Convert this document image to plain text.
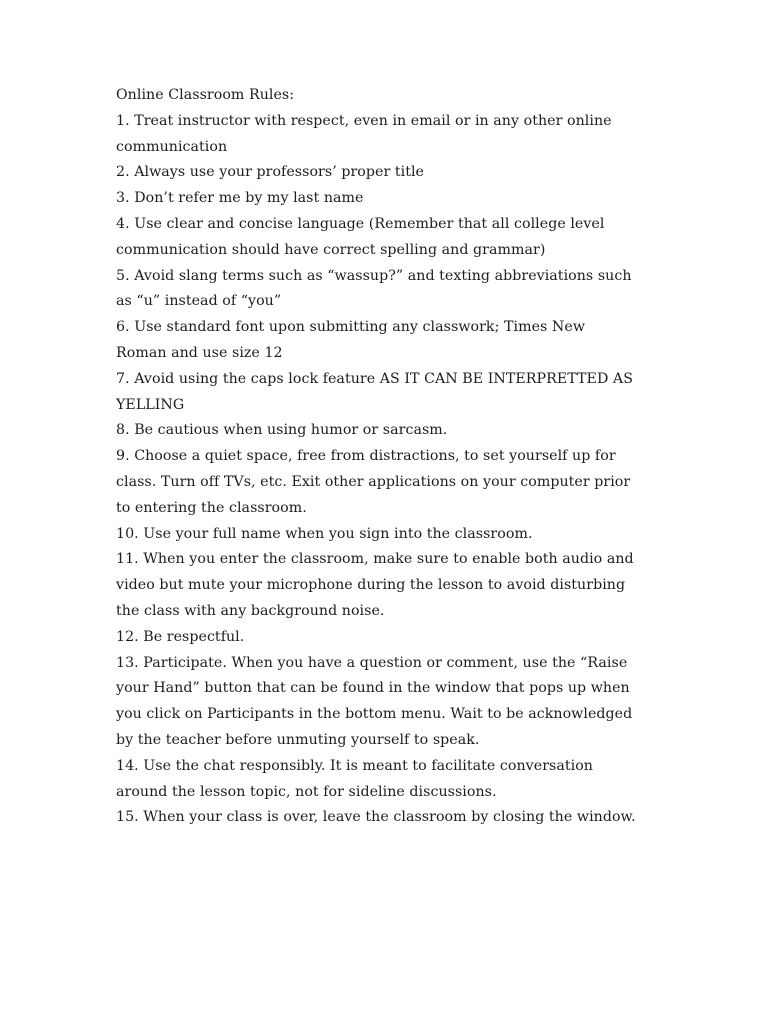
Online Classroom Rules:

1. Treat instructor with respect, even in email or in any other online communication
2. Always use your professors’ proper title
3. Don’t refer me by my last name
4. Use clear and concise language (Remember that all college level communication should have correct spelling and grammar)
5. Avoid slang terms such as “wassup?” and texting abbreviations such as “u” instead of “you”
6. Use standard font upon submitting any classwork; Times New Roman and use size 12
7. Avoid using the caps lock feature AS IT CAN BE INTERPRETTED AS YELLING
8. Be cautious when using humor or sarcasm.
9. Choose a quiet space, free from distractions, to set yourself up for class. Turn off TVs, etc. Exit other applications on your computer prior to entering the classroom.
10. Use your full name when you sign into the classroom.
11. When you enter the classroom, make sure to enable both audio and video but mute your microphone during the lesson to avoid disturbing the class with any background noise.
12. Be respectful.
13. Participate. When you have a question or comment, use the “Raise your Hand” button that can be found in the window that pops up when you click on Participants in the bottom menu. Wait to be acknowledged by the teacher before unmuting yourself to speak.
14. Use the chat responsibly. It is meant to facilitate conversation around the lesson topic, not for sideline discussions.
15. When your class is over, leave the classroom by closing the window.
